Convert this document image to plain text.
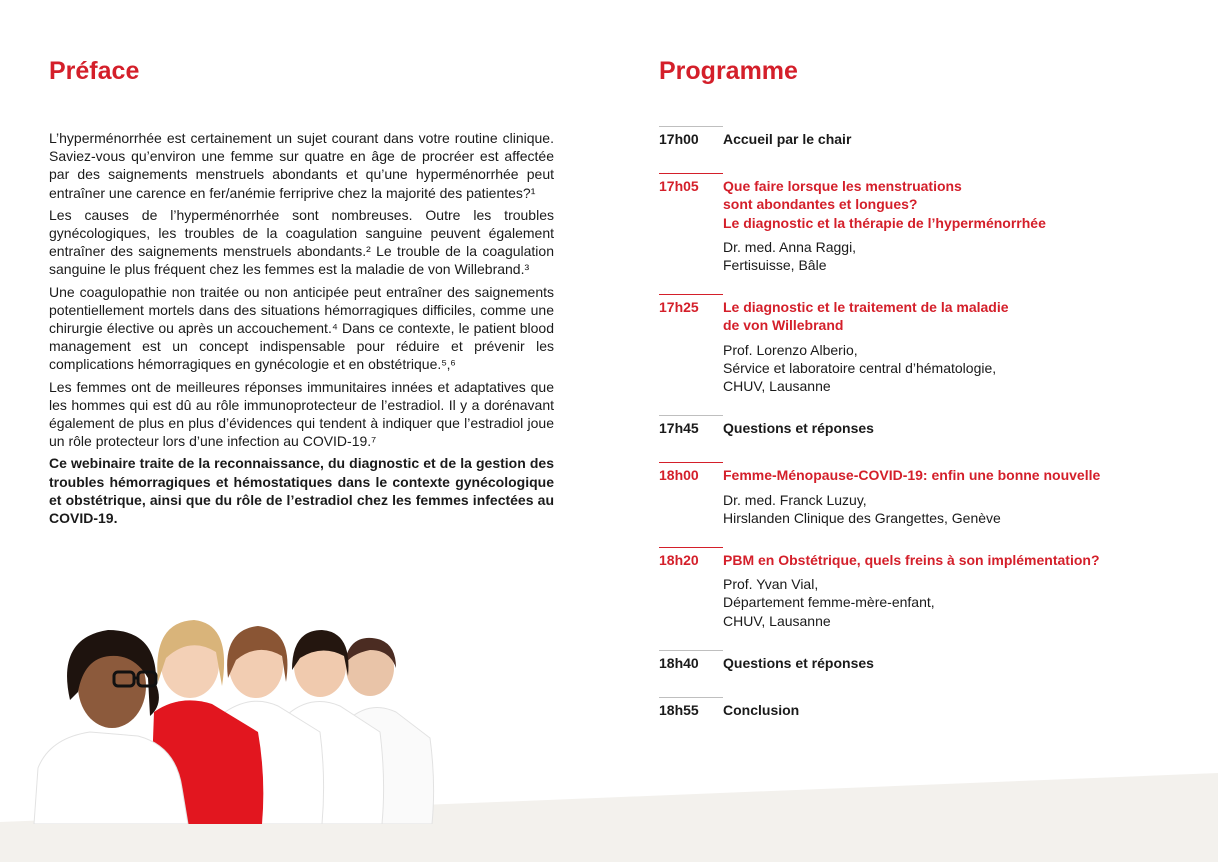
Préface	Programme

L’hyperménorrhée est certainement un sujet courant dans votre routine clinique. Saviez-vous qu’environ une femme sur quatre en âge de procréer est affectée par des saignements menstruels abondants et qu’une hyperménorrhée peut entraîner une carence en fer/anémie ferriprive chez la majorité des patientes?¹

Les causes de l’hyperménorrhée sont nombreuses. Outre les troubles gynécologiques, les troubles de la coagulation sanguine peuvent également entraîner des saignements menstruels abondants.² Le trouble de la coagulation sanguine le plus fréquent chez les femmes est la maladie de von Willebrand.³

Une coagulopathie non traitée ou non anticipée peut entraîner des saignements potentiellement mortels dans des situations hémorragiques difficiles, comme une chirurgie élective ou après un accouchement.⁴ Dans ce contexte, le patient blood management est un concept indispensable pour réduire et prévenir les complications hémorragiques en gynécologie et en obstétrique.⁵‚⁶

Les femmes ont de meilleures réponses immunitaires innées et adaptatives que les hommes qui est dû au rôle immunoprotecteur de l’estradiol. Il y a dorénavant également de plus en plus d’évidences qui tendent à indiquer que l’estradiol joue un rôle protecteur lors d’une infection au COVID-19.⁷

Ce webinaire traite de la reconnaissance, du diagnostic et de la gestion des troubles hémorragiques et hémostatiques dans le contexte gynécologique et obstétrique, ainsi que du rôle de l’estradiol chez les femmes infectées au COVID-19.

17h00	Accueil par le chair
17h05	Que faire lorsque les menstruations
sont abondantes et longues?
Le diagnostic et la thérapie de l’hyperménorrhée
Dr. med. Anna Raggi,
Fertisuisse, Bâle
17h25	Le diagnostic et le traitement de la maladie
de von Willebrand
Prof. Lorenzo Alberio,
Sérvice et laboratoire central d’hématologie,
CHUV, Lausanne
17h45	Questions et réponses
18h00	Femme-Ménopause-COVID-19: enfin une bonne nouvelle
Dr. med. Franck Luzuy,
Hirslanden Clinique des Grangettes, Genève
18h20	PBM en Obstétrique, quels freins à son implémentation?
Prof. Yvan Vial,
Département femme-mère-enfant,
CHUV, Lausanne
18h40	Questions et réponses
18h55	Conclusion
